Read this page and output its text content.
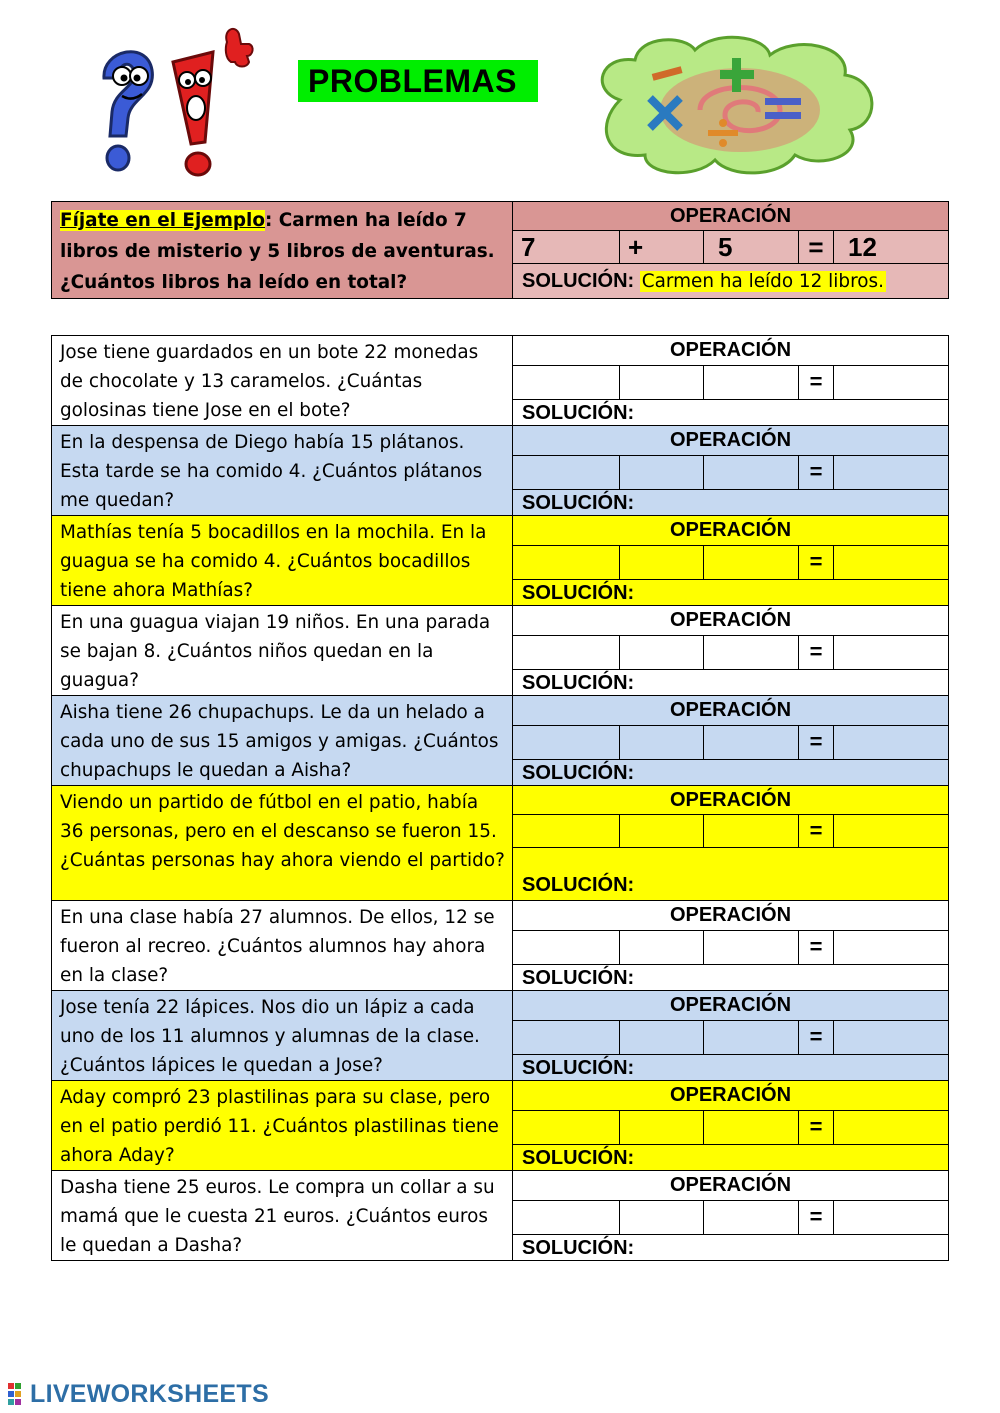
PROBLEMAS
Fíjate en el Ejemplo: Carmen ha leído 7 libros de misterio y 5 libros de aventuras. ¿Cuántos libros ha leído en total?	OPERACIÓN				
	7	+	5	=	12
	SOLUCIÓN: Carmen ha leído 12 libros.				
Jose tiene guardados en un bote 22 monedas de chocolate y 13 caramelos. ¿Cuántas golosinas tiene Jose en el bote?	OPERACIÓN				
				=	
	SOLUCIÓN:				
En la despensa de Diego había 15 plátanos. Esta tarde se ha comido 4. ¿Cuántos plátanos me quedan?	OPERACIÓN				
				=	
	SOLUCIÓN:				
Mathías tenía 5 bocadillos en la mochila. En la guagua se ha comido 4. ¿Cuántos bocadillos tiene ahora Mathías?	OPERACIÓN				
				=	
	SOLUCIÓN:				
En una guagua viajan 19 niños. En una parada se bajan 8. ¿Cuántos niños quedan en la guagua?	OPERACIÓN				
				=	
	SOLUCIÓN:				
Aisha tiene 26 chupachups. Le da un helado a cada uno de sus 15 amigos y amigas. ¿Cuántos chupachups le quedan a Aisha?	OPERACIÓN				
				=	
	SOLUCIÓN:				
Viendo un partido de fútbol en el patio, había 36 personas, pero en el descanso se fueron 15. ¿Cuántas personas hay ahora viendo el partido?	OPERACIÓN				
				=	
	SOLUCIÓN:				
En una clase había 27 alumnos. De ellos, 12 se fueron al recreo. ¿Cuántos alumnos hay ahora en la clase?	OPERACIÓN				
				=	
	SOLUCIÓN:				
Jose tenía 22 lápices. Nos dio un lápiz a cada uno de los 11 alumnos y alumnas de la clase. ¿Cuántos lápices le quedan a Jose?	OPERACIÓN				
				=	
	SOLUCIÓN:				
Aday compró 23 plastilinas para su clase, pero en el patio perdió 11. ¿Cuántos plastilinas tiene ahora Aday?	OPERACIÓN				
				=	
	SOLUCIÓN:				
Dasha tiene 25 euros. Le compra un collar a su mamá que le cuesta 21 euros. ¿Cuántos euros le quedan a Dasha?	OPERACIÓN				
				=	
	SOLUCIÓN:				
LIVEWORKSHEETS
